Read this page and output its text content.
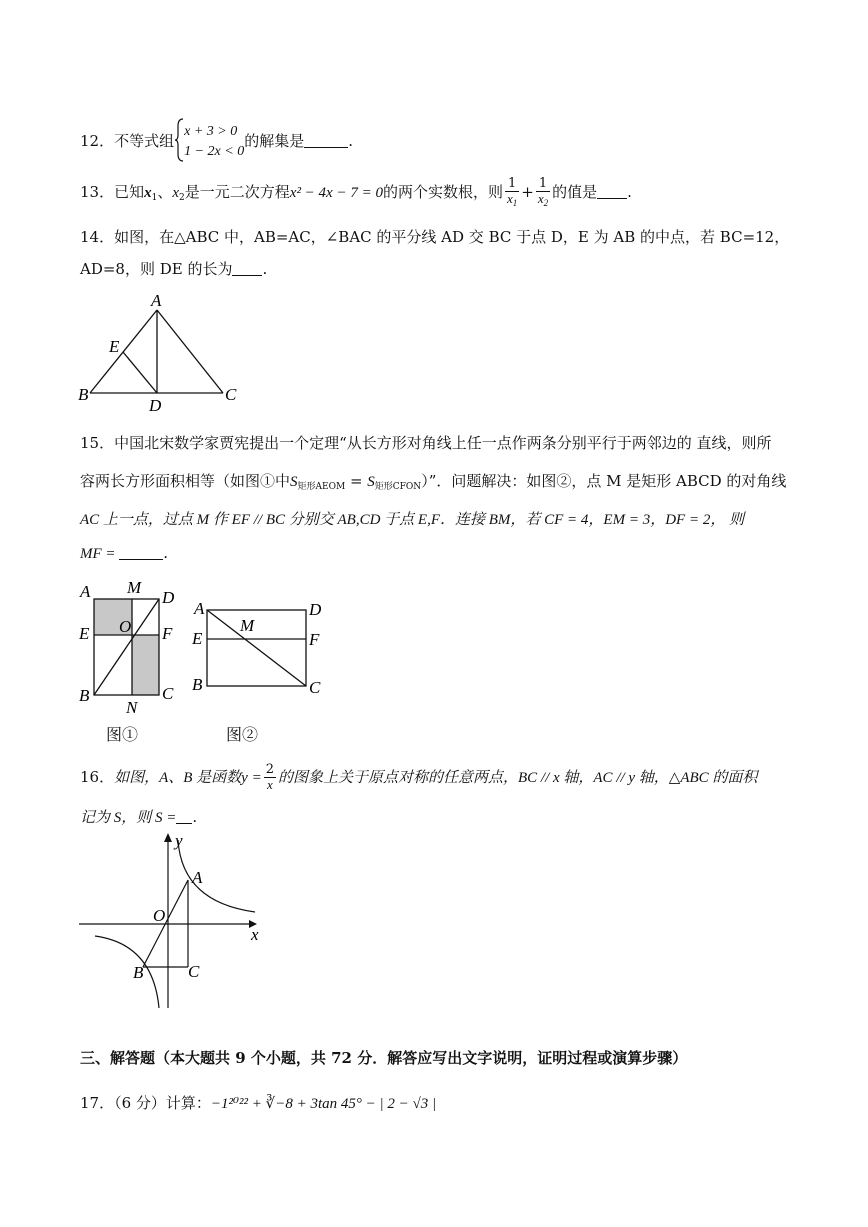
12．不等式组
x + 3 > 0
1 − 2x < 0
的解集是	.
13．已知$x_1$、$x_2$是一元二次方程x² − 4x − 7 = 0的两个实数根，则 $\frac{1}{x_1} + \frac{1}{x_2}$ 的值是 .
14．如图，在△ABC 中，AB=AC，∠BAC 的平分线 AD 交 BC 于点 D，E 为 AB 的中点，若 BC=12，
AD=8，则 DE 的长为 .
A
E
B
D
C
15．中国北宋数学家贾宪提出一个定理“从长方形对角线上任一点作两条分别平行于两邻边的 直线，则所
容两长方形面积相等（如图①中$S_{矩形AEOM} = S_{矩形CFON}$）”．问题解决：如图②，点 M 是矩形 ABCD 的对角线
AC 上一点，过点 M 作 EF // BC 分别交 AB,CD 于点 E,F．连接 BM，若 CF = 4，EM = 3，DF = 2， 则
MF =	.
A M
D
E O F
B
N
C
A
M
D
E	F
B	C
图①	图②
16．如图，A、B 是函数$y = \frac{2}{x}$ 的图象上关于原点对称的任意两点，BC // x 轴，AC // y 轴，△ABC 的面积
记为 S，则 S = .
y
x
A
O
B	C
三、解答题（本大题共 9 个小题，共 72 分．解答应写出文字说明，证明过程或演算步骤）
17．（6 分）计算：−1²⁰²² + ∛−8 + 3tan 45° − | 2 − √3 |
